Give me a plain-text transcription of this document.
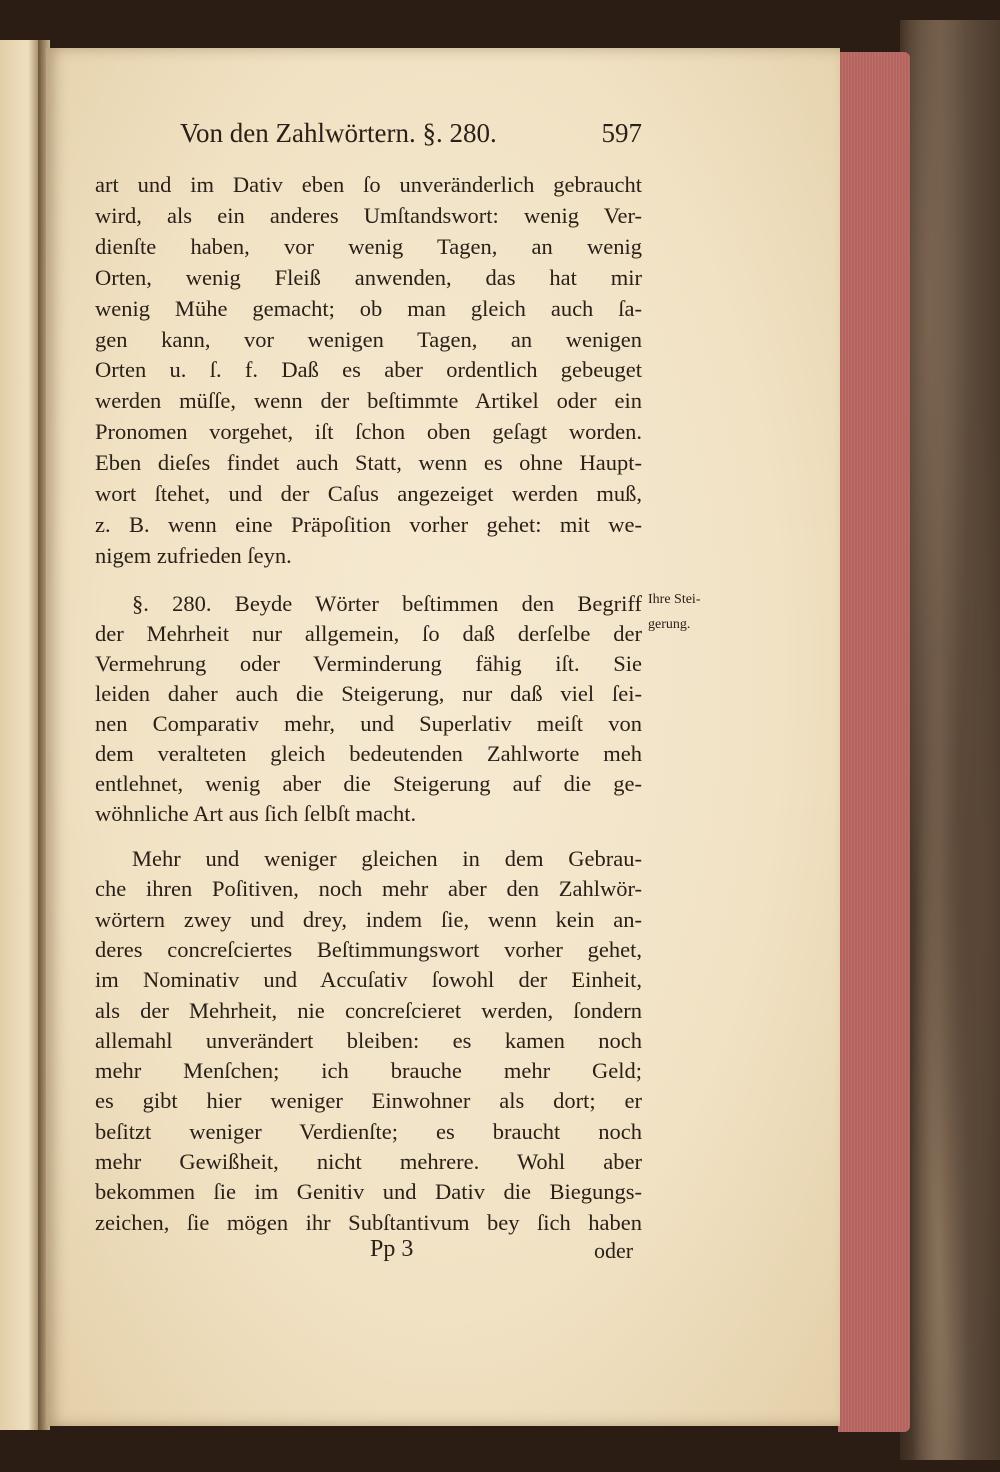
Von den Zahlwörtern. §. 280.	597
art und im Dativ eben ſo unveränderlich gebraucht
wird, als ein anderes Umſtandswort: wenig Ver-
dienſte haben, vor wenig Tagen, an wenig
Orten, wenig Fleiß anwenden, das hat mir
wenig Mühe gemacht; ob man gleich auch ſa-
gen kann, vor wenigen Tagen, an wenigen
Orten u. ſ. f. Daß es aber ordentlich gebeuget
werden müſſe, wenn der beſtimmte Artikel oder ein
Pronomen vorgehet, iſt ſchon oben geſagt worden.
Eben dieſes findet auch Statt, wenn es ohne Haupt-
wort ſtehet, und der Caſus angezeiget werden muß,
z. B. wenn eine Präpoſition vorher gehet: mit we-
nigem zufrieden ſeyn.
§. 280. Beyde Wörter beſtimmen den Begriff
der Mehrheit nur allgemein, ſo daß derſelbe der
Vermehrung oder Verminderung fähig iſt. Sie
leiden daher auch die Steigerung, nur daß viel ſei-
nen Comparativ mehr, und Superlativ meiſt von
dem veralteten gleich bedeutenden Zahlworte meh
entlehnet, wenig aber die Steigerung auf die ge-
wöhnliche Art aus ſich ſelbſt macht.
Mehr und weniger gleichen in dem Gebrau-
che ihren Poſitiven, noch mehr aber den Zahlwör-
wörtern zwey und drey, indem ſie, wenn kein an-
deres concreſciertes Beſtimmungswort vorher gehet,
im Nominativ und Accuſativ ſowohl der Einheit,
als der Mehrheit, nie concreſcieret werden, ſondern
allemahl unverändert bleiben: es kamen noch
mehr Menſchen; ich brauche mehr Geld;
es gibt hier weniger Einwohner als dort; er
beſitzt weniger Verdienſte; es braucht noch
mehr Gewißheit, nicht mehrere. Wohl aber
bekommen ſie im Genitiv und Dativ die Biegungs-
zeichen, ſie mögen ihr Subſtantivum bey ſich haben
Ihre Stei-
gerung.
Pp 3	oder
